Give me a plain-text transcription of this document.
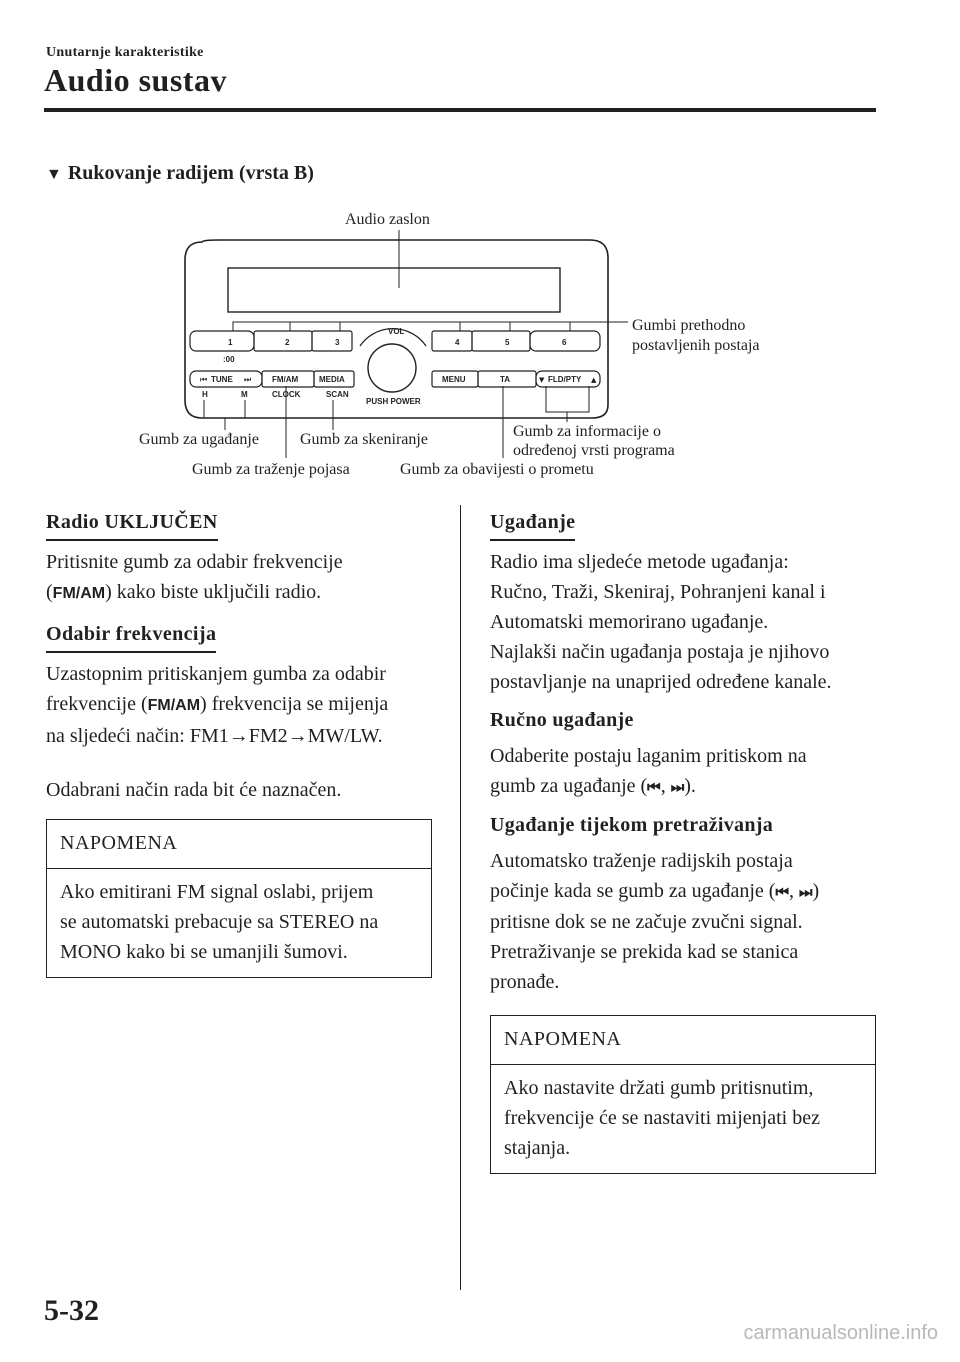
Unutarnje karakteristike
Audio sustav
▼ Rukovanje radijem (vrsta B)
1	2	3	4	5	6
:00
TUNE	FM/AM	MEDIA	MENU	TA	FLD/PTY
H	M	CLOCK	SCAN
VOL
PUSH POWER
⏮	⏭	▼	▲
Audio zaslon
Gumbi prethodno
postavljenih postaja
Gumb za ugađanje	Gumb za skeniranje	Gumb za informacije o
određenoj vrsti programa
Gumb za traženje pojasa	Gumb za obavijesti o prometu
Radio UKLJUČEN

Pritisnite gumb za odabir frekvencije
(FM/AM) kako biste uključili radio.

Odabir frekvencija

Uzastopnim pritiskanjem gumba za odabir
frekvencije (FM/AM) frekvencija se mijenja
na sljedeći način: FM1→FM2→MW/LW.

Odabrani način rada bit će naznačen.

NAPOMENA
Ako emitirani FM signal oslabi, prijem
se automatski prebacuje sa STEREO na
MONO kako bi se umanjili šumovi.
Ugađanje

Radio ima sljedeće metode ugađanja:
Ručno, Traži, Skeniraj, Pohranjeni kanal i
Automatski memorirano ugađanje.
Najlakši način ugađanja postaja je njihovo
postavljanje na unaprijed određene kanale.

Ručno ugađanje

Odaberite postaju laganim pritiskom na
gumb za ugađanje (⏮, ⏭).

Ugađanje tijekom pretraživanja

Automatsko traženje radijskih postaja
počinje kada se gumb za ugađanje (⏮, ⏭)
pritisne dok se ne začuje zvučni signal.
Pretraživanje se prekida kad se stanica
pronađe.

NAPOMENA
Ako nastavite držati gumb pritisnutim,
frekvencije će se nastaviti mijenjati bez
stajanja.
5-32
carmanualsonline.info
